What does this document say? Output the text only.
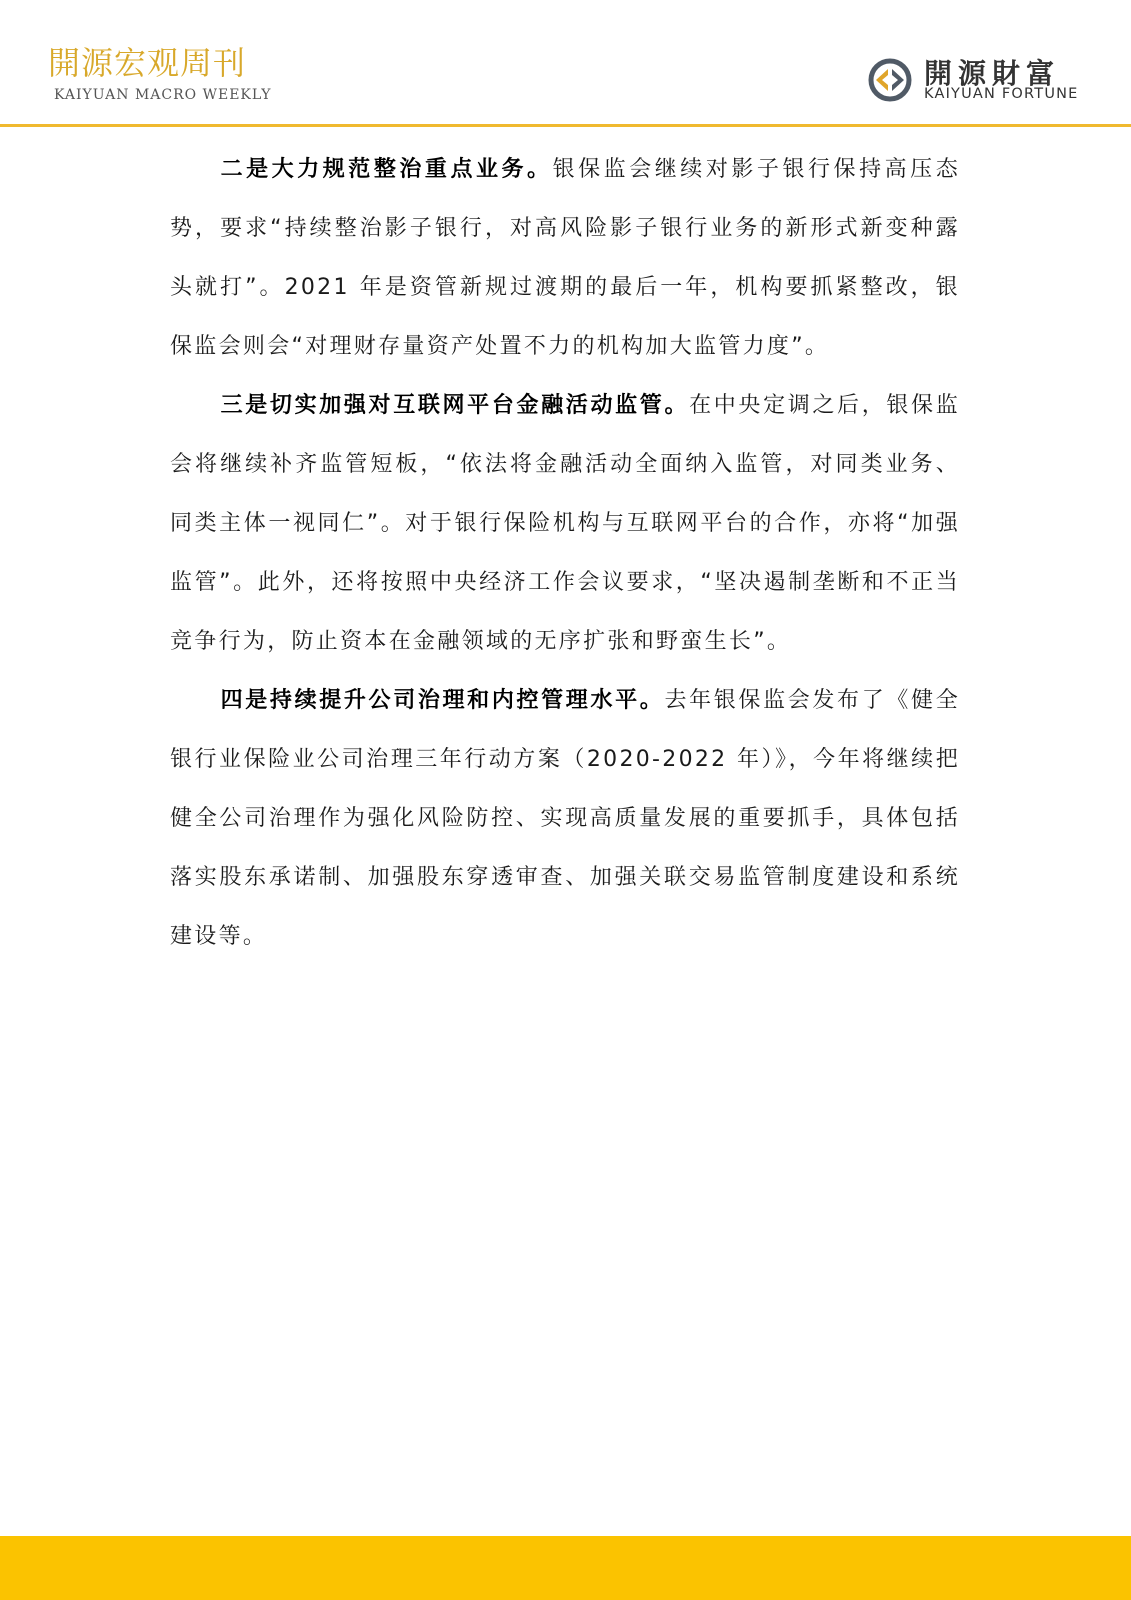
開源宏观周刊
KAIYUAN MACRO WEEKLY
開源財富
KAIYUAN FORTUNE

二是大力规范整治重点业务。银保监会继续对影子银行保持高压态势，要求“持续整治影子银行，对高风险影子银行业务的新形式新变种露头就打”。2021 年是资管新规过渡期的最后一年，机构要抓紧整改，银保监会则会“对理财存量资产处置不力的机构加大监管力度”。

三是切实加强对互联网平台金融活动监管。在中央定调之后，银保监会将继续补齐监管短板，“依法将金融活动全面纳入监管，对同类业务、同类主体一视同仁”。对于银行保险机构与互联网平台的合作，亦将“加强监管”。此外，还将按照中央经济工作会议要求，“坚决遏制垄断和不正当竞争行为，防止资本在金融领域的无序扩张和野蛮生长”。

四是持续提升公司治理和内控管理水平。去年银保监会发布了《健全银行业保险业公司治理三年行动方案（2020-2022 年）》，今年将继续把健全公司治理作为强化风险防控、实现高质量发展的重要抓手，具体包括落实股东承诺制、加强股东穿透审查、加强关联交易监管制度建设和系统建设等。
